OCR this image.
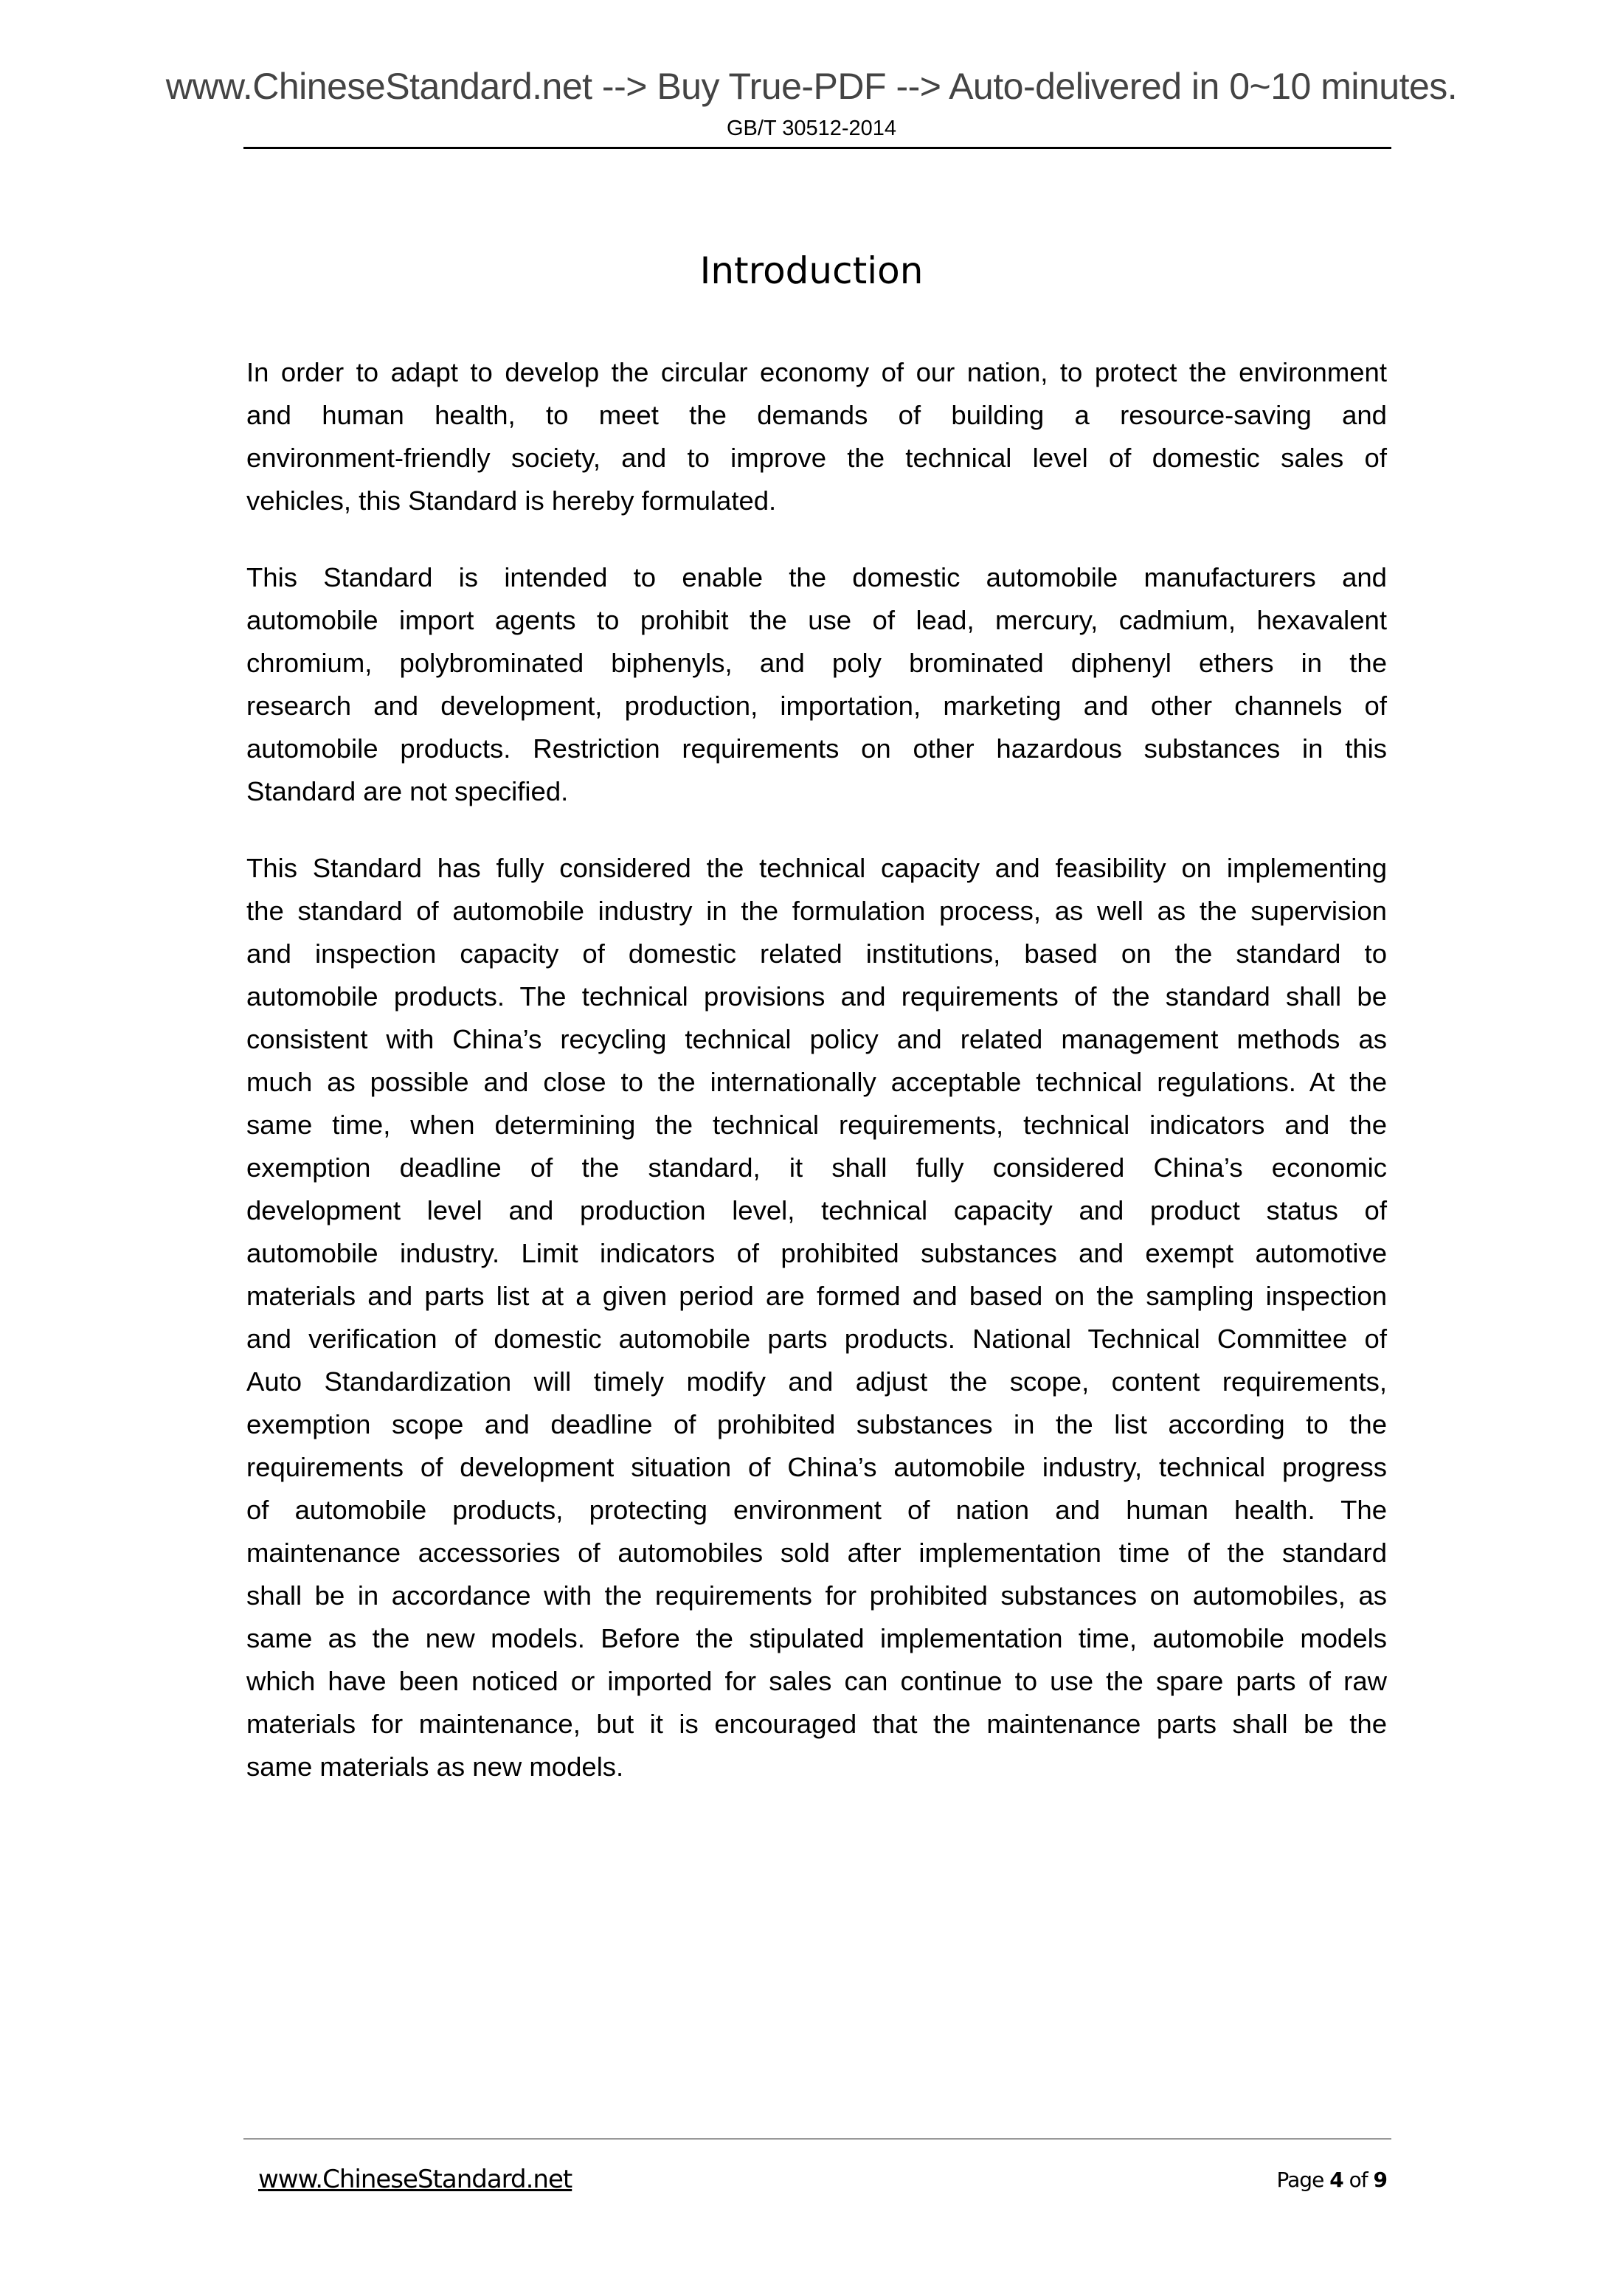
www.ChineseStandard.net --> Buy True-PDF --> Auto-delivered in 0~10 minutes.
GB/T 30512-2014
Introduction
In order to adapt to develop the circular economy of our nation, to protect the environment
and human health, to meet the demands of building a resource-saving and
environment-friendly society, and to improve the technical level of domestic sales of
vehicles, this Standard is hereby formulated.
This Standard is intended to enable the domestic automobile manufacturers and
automobile import agents to prohibit the use of lead, mercury, cadmium, hexavalent
chromium, polybrominated biphenyls, and poly brominated diphenyl ethers in the
research and development, production, importation, marketing and other channels of
automobile products. Restriction requirements on other hazardous substances in this
Standard are not specified.
This Standard has fully considered the technical capacity and feasibility on implementing
the standard of automobile industry in the formulation process, as well as the supervision
and inspection capacity of domestic related institutions, based on the standard to
automobile products. The technical provisions and requirements of the standard shall be
consistent with China’s recycling technical policy and related management methods as
much as possible and close to the internationally acceptable technical regulations. At the
same time, when determining the technical requirements, technical indicators and the
exemption deadline of the standard, it shall fully considered China’s economic
development level and production level, technical capacity and product status of
automobile industry. Limit indicators of prohibited substances and exempt automotive
materials and parts list at a given period are formed and based on the sampling inspection
and verification of domestic automobile parts products. National Technical Committee of
Auto Standardization will timely modify and adjust the scope, content requirements,
exemption scope and deadline of prohibited substances in the list according to the
requirements of development situation of China’s automobile industry, technical progress
of automobile products, protecting environment of nation and human health. The
maintenance accessories of automobiles sold after implementation time of the standard
shall be in accordance with the requirements for prohibited substances on automobiles, as
same as the new models. Before the stipulated implementation time, automobile models
which have been noticed or imported for sales can continue to use the spare parts of raw
materials for maintenance, but it is encouraged that the maintenance parts shall be the
same materials as new models.
www.ChineseStandard.net	Page 4 of 9
